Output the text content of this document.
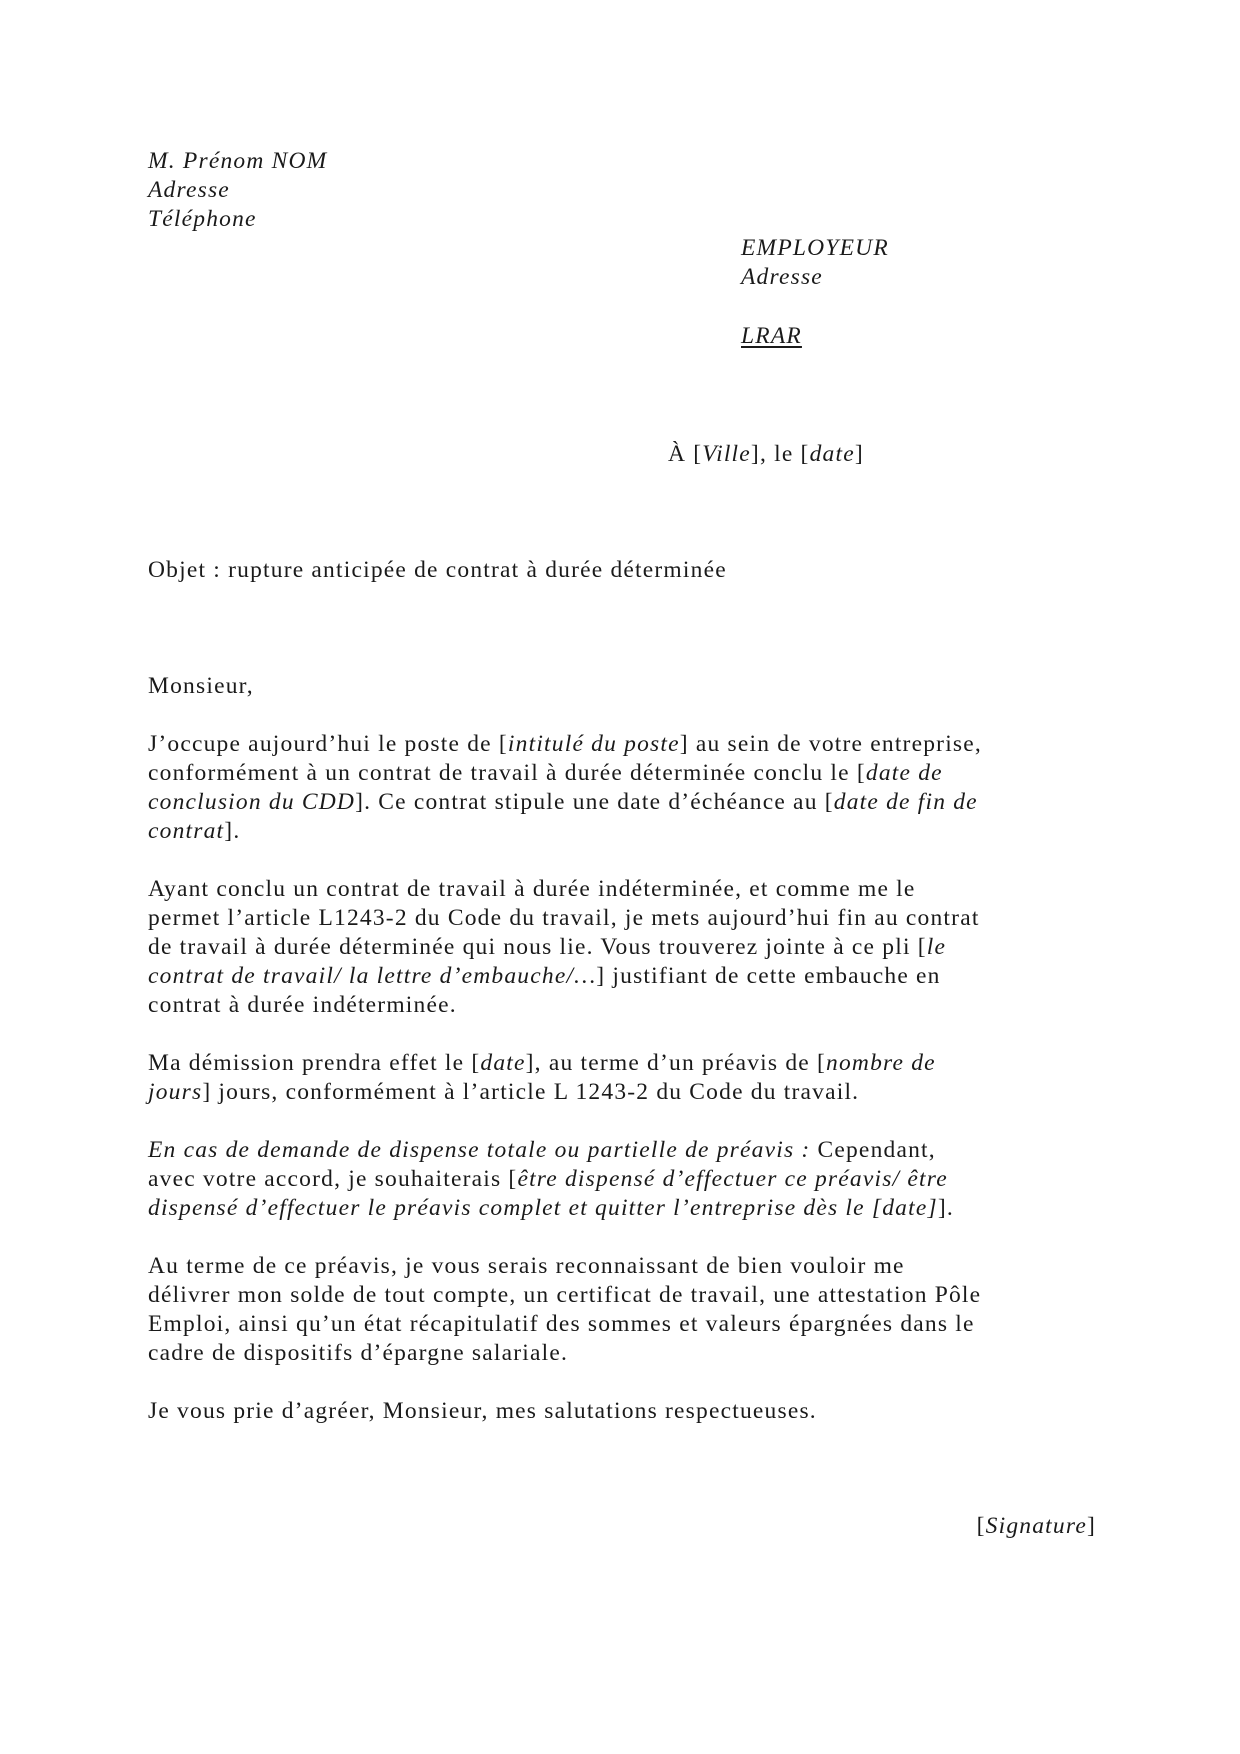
M. Prénom NOM
Adresse
Téléphone
EMPLOYEUR
Adresse
LRAR
À [Ville], le [date]
Objet : rupture anticipée de contrat à durée déterminée
Monsieur,
J’occupe aujourd’hui le poste de [intitulé du poste] au sein de votre entreprise,
conformément à un contrat de travail à durée déterminée conclu le [date de
conclusion du CDD]. Ce contrat stipule une date d’échéance au [date de fin de
contrat].
Ayant conclu un contrat de travail à durée indéterminée, et comme me le
permet l’article L1243-2 du Code du travail, je mets aujourd’hui fin au contrat
de travail à durée déterminée qui nous lie. Vous trouverez jointe à ce pli [le
contrat de travail/ la lettre d’embauche/…] justifiant de cette embauche en
contrat à durée indéterminée.
Ma démission prendra effet le [date], au terme d’un préavis de [nombre de
jours] jours, conformément à l’article L 1243-2 du Code du travail.
En cas de demande de dispense totale ou partielle de préavis : Cependant,
avec votre accord, je souhaiterais [être dispensé d’effectuer ce préavis/ être
dispensé d’effectuer le préavis complet et quitter l’entreprise dès le [date]].
Au terme de ce préavis, je vous serais reconnaissant de bien vouloir me
délivrer mon solde de tout compte, un certificat de travail, une attestation Pôle
Emploi, ainsi qu’un état récapitulatif des sommes et valeurs épargnées dans le
cadre de dispositifs d’épargne salariale.
Je vous prie d’agréer, Monsieur, mes salutations respectueuses.
[Signature]
